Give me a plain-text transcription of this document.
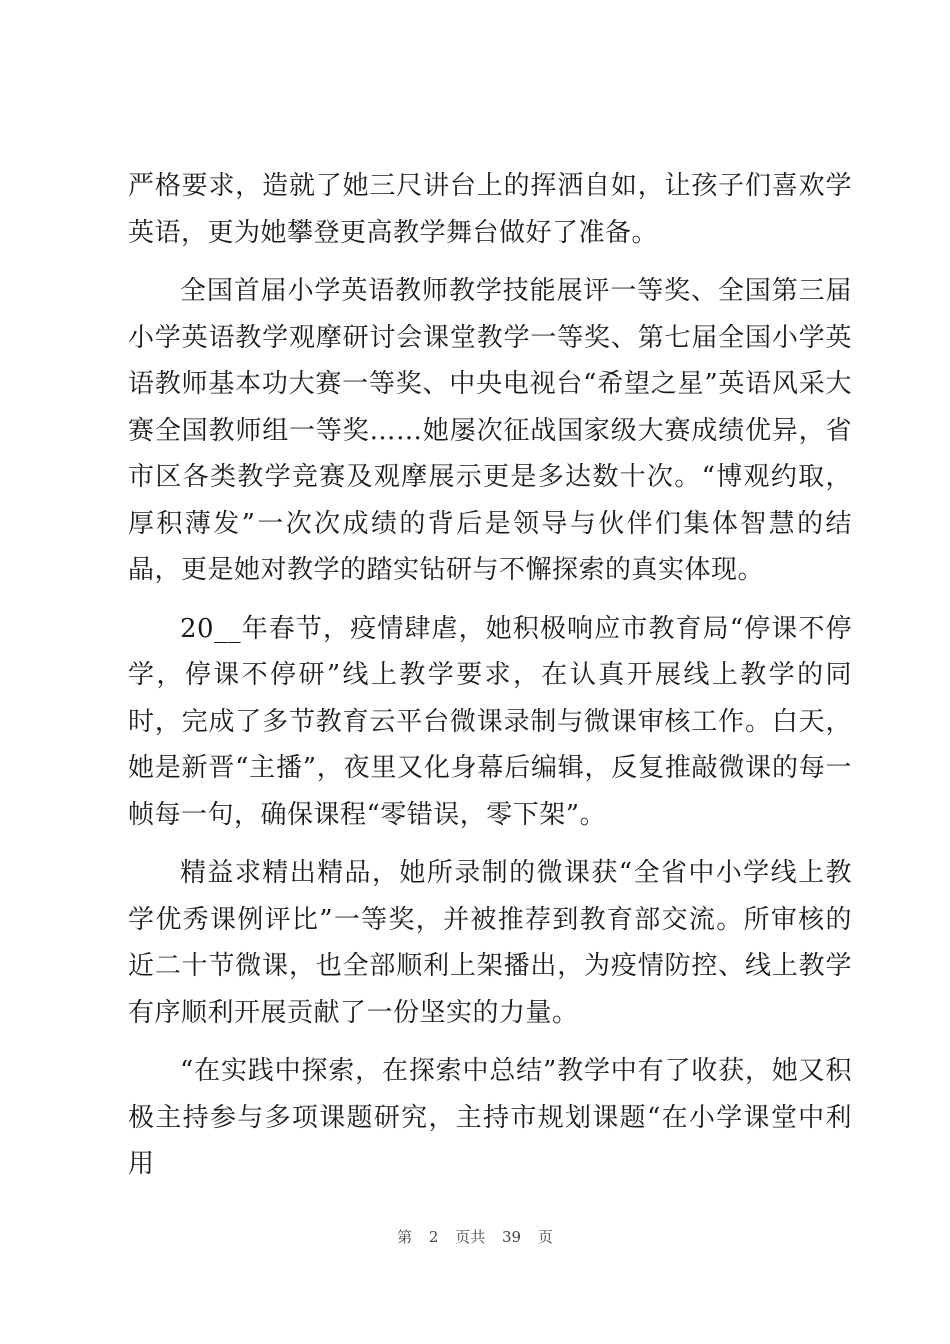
严格要求，造就了她三尺讲台上的挥洒自如，让孩子们喜欢学英语，更为她攀登更高教学舞台做好了准备。

全国首届小学英语教师教学技能展评一等奖、全国第三届小学英语教学观摩研讨会课堂教学一等奖、第七届全国小学英语教师基本功大赛一等奖、中央电视台“希望之星”英语风采大赛全国教师组一等奖……她屡次征战国家级大赛成绩优异，省市区各类教学竞赛及观摩展示更是多达数十次。“博观约取，厚积薄发”一次次成绩的背后是领导与伙伴们集体智慧的结晶，更是她对教学的踏实钻研与不懈探索的真实体现。

20__年春节，疫情肆虐，她积极响应市教育局“停课不停学，停课不停研”线上教学要求，在认真开展线上教学的同时，完成了多节教育云平台微课录制与微课审核工作。白天，她是新晋“主播”，夜里又化身幕后编辑，反复推敲微课的每一帧每一句，确保课程“零错误，零下架”。

精益求精出精品，她所录制的微课获“全省中小学线上教学优秀课例评比”一等奖，并被推荐到教育部交流。所审核的近二十节微课，也全部顺利上架播出，为疫情防控、线上教学有序顺利开展贡献了一份坚实的力量。

“在实践中探索，在探索中总结”教学中有了收获，她又积极主持参与多项课题研究，主持市规划课题“在小学课堂中利用

第 2 页共 39 页
